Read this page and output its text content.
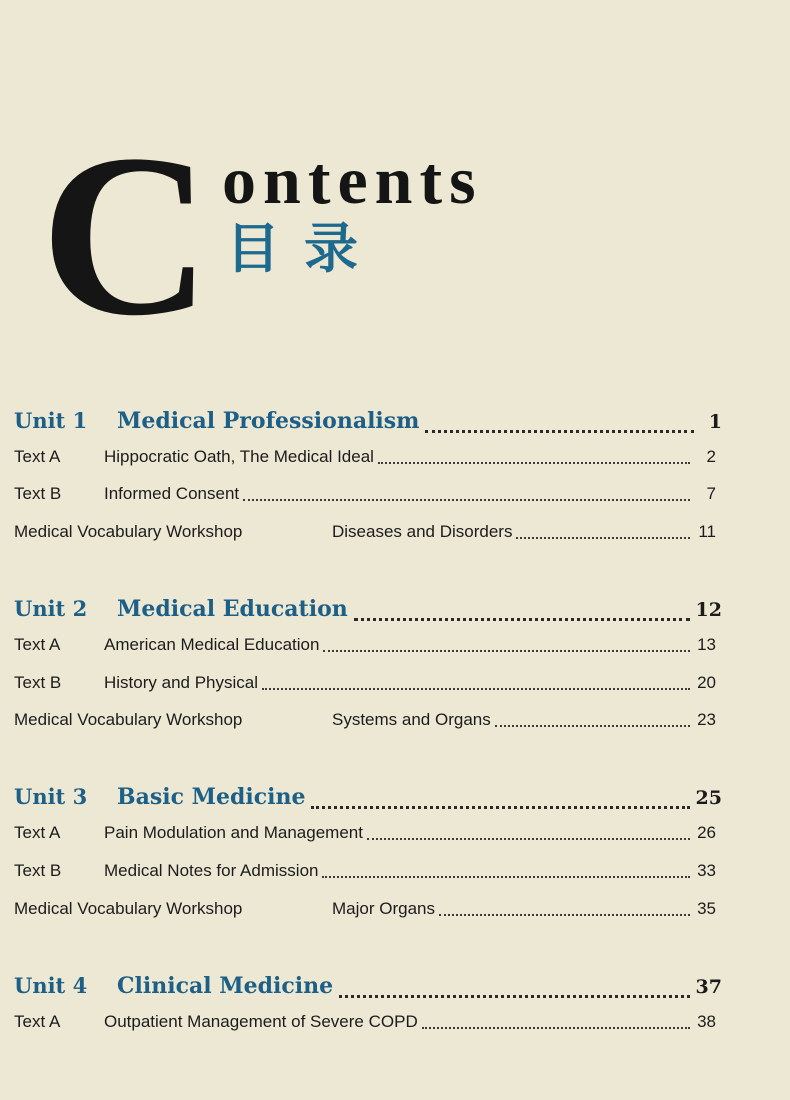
C ontents
目录
Unit 1	Medical Professionalism	1
Text A	Hippocratic Oath, The Medical Ideal	2
Text B	Informed Consent	7
Medical Vocabulary Workshop	Diseases and Disorders	11
Unit 2	Medical Education	12
Text A	American Medical Education	13
Text B	History and Physical	20
Medical Vocabulary Workshop	Systems and Organs	23
Unit 3	Basic Medicine	25
Text A	Pain Modulation and Management	26
Text B	Medical Notes for Admission	33
Medical Vocabulary Workshop	Major Organs	35
Unit 4	Clinical Medicine	37
Text A	Outpatient Management of Severe COPD	38
